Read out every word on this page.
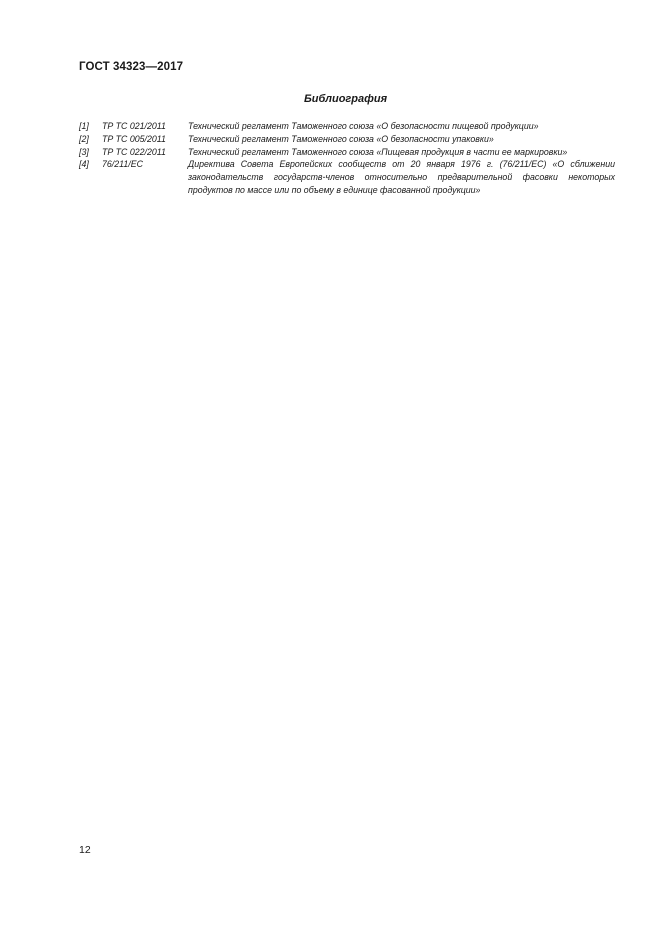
ГОСТ 34323—2017
Библиография
[1]	ТР ТС 021/2011	Технический регламент Таможенного союза «О безопасности пищевой продукции»
[2]	ТР ТС 005/2011	Технический регламент Таможенного союза «О безопасности упаковки»
[3]	ТР ТС 022/2011	Технический регламент Таможенного союза «Пищевая продукция в части ее маркировки»
[4]	76/211/ЕС	Директива Совета Европейских сообществ от 20 января 1976 г. (76/211/ЕС) «О сближении законодательств государств-членов относительно предварительной фасовки некоторых продуктов по массе или по объему в единице фасованной продукции»
12
